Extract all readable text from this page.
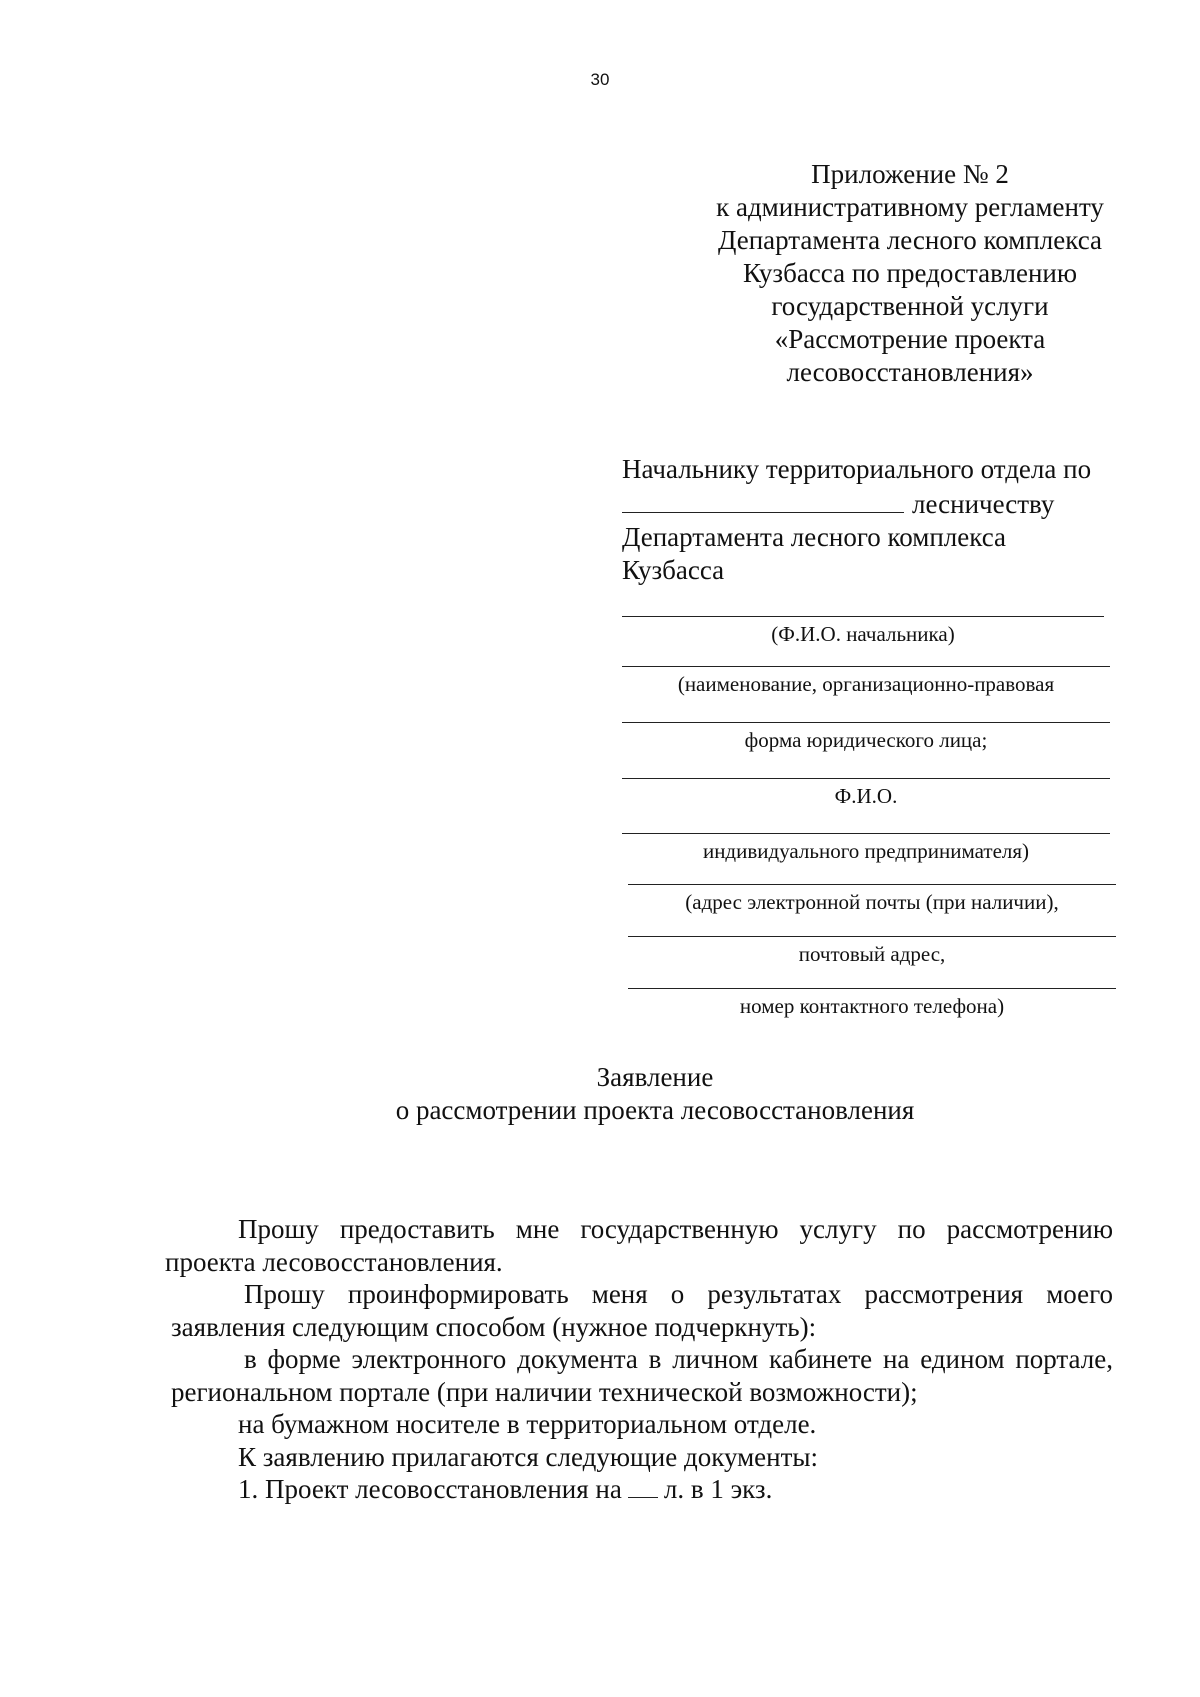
30
Приложение № 2
к административному регламенту
Департамента лесного комплекса
Кузбасса по предоставлению
государственной услуги
«Рассмотрение проекта
лесовосстановления»
Начальнику территориального отдела по
лесничеству
Департамента лесного комплекса
Кузбасса
(Ф.И.О. начальника)
(наименование, организационно-правовая
форма юридического лица;
Ф.И.О.
индивидуального предпринимателя)
(адрес электронной почты (при наличии),
почтовый адрес,
номер контактного телефона)
Заявление
о рассмотрении проекта лесовосстановления

Прошу предоставить мне государственную услугу по рассмотрению проекта лесовосстановления.

Прошу проинформировать меня о результатах рассмотрения моего заявления следующим способом (нужное подчеркнуть):

в форме электронного документа в личном кабинете на едином портале, региональном портале (при наличии технической возможности);

на бумажном носителе в территориальном отделе.

К заявлению прилагаются следующие документы:

1. Проект лесовосстановления на л. в 1 экз.
